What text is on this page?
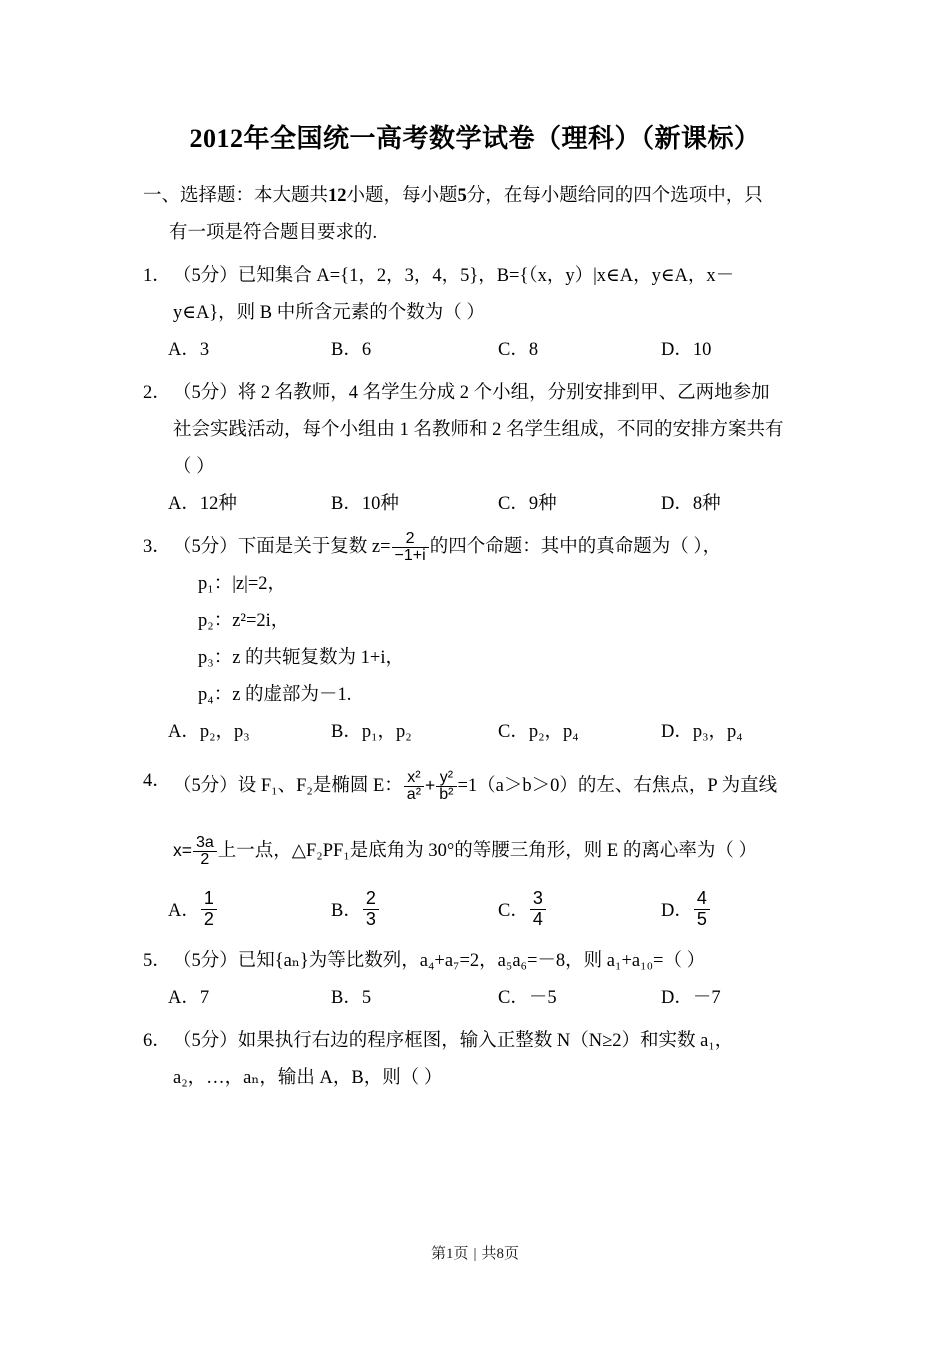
2012年全国统一高考数学试卷（理科）（新课标）
一、选择题：本大题共12小题，每小题5分，在每小题给同的四个选项中，只
有一项是符合题目要求的.
1． （5分）已知集合 A={1，2，3，4，5}，B={（x，y）|x∈A，y∈A，x－
y∈A}，则 B 中所含元素的个数为（ ）
A．3	B．6	C．8	D．10
2． （5分）将 2 名教师，4 名学生分成 2 个小组，分别安排到甲、乙两地参加
社会实践活动，每个小组由 1 名教师和 2 名学生组成，不同的安排方案共有
（ ）
A．12种	B．10种	C．9种	D．8种
3． （5分）下面是关于复数 $z= \frac{2}{-1+i}$ 的四个命题：其中的真命题为（ ），
p₁：|z|=2，
p₂：z²=2i，
p₃：z 的共轭复数为 1+i，
p₄：z 的虚部为－1.
A．p₂，p₃	B．p₁，p₂	C．p₂，p₄	D．p₃，p₄
4． （5分）设 F₁、F₂是椭圆 E： $\frac{\text{x²}}{\text{a²}} + \frac{\text{y²}}{\text{b²}} =1(a>b>0)$的左、右焦点，P 为直线
$x= \frac{3a}{2}$ 上一点，△F₂PF₁是底角为 30°的等腰三角形，则 E 的离心率为（ ）
A． $\frac{1}{2}$	B． $\frac{2}{3}$	C． $\frac{3}{4}$	D． $\frac{4}{5}$
5． （5分）已知{aₙ}为等比数列，a₄+a₇=2，a₅a₆=－8，则 a₁+a₁₀=（ ）
A．7	B．5	C．－5	D．－7
6． （5分）如果执行右边的程序框图，输入正整数 N（N≥2）和实数 a₁，
a₂，…，aₙ，输出 A，B，则（ ）
第1页 | 共8页
